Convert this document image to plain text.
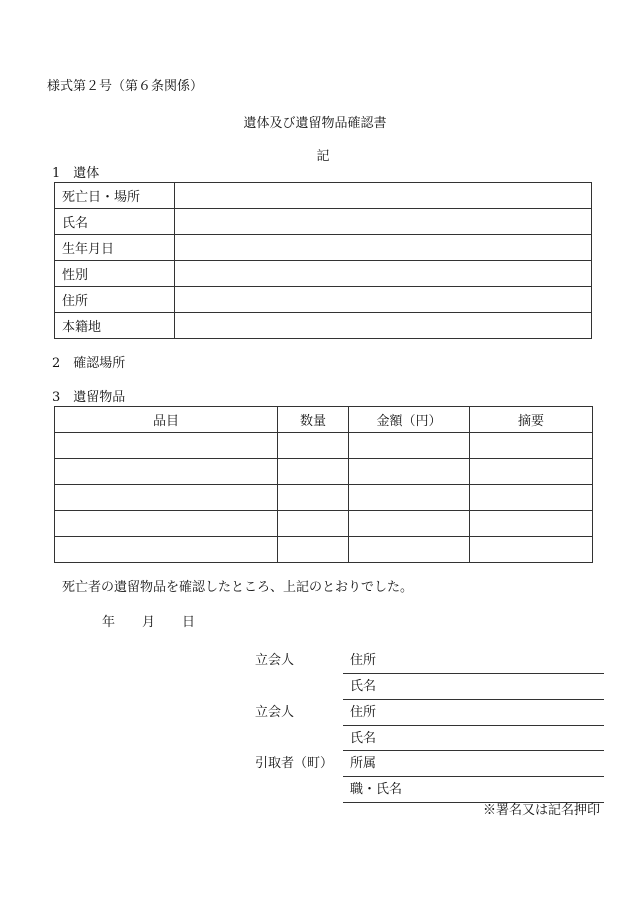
様式第２号（第６条関係）
遺体及び遺留物品確認書
記
1　遺体
死亡日・場所	
氏名	
生年月日	
性別	
住所	
本籍地	
2　確認場所
3　遺留物品
品目	数量	金額（円）	摘要

死亡者の遺留物品を確認したところ、上記のとおりでした。
年 月 日
立会人	住所
氏名
立会人	住所
氏名
引取者（町） 所属
職・氏名
※署名又は記名押印
